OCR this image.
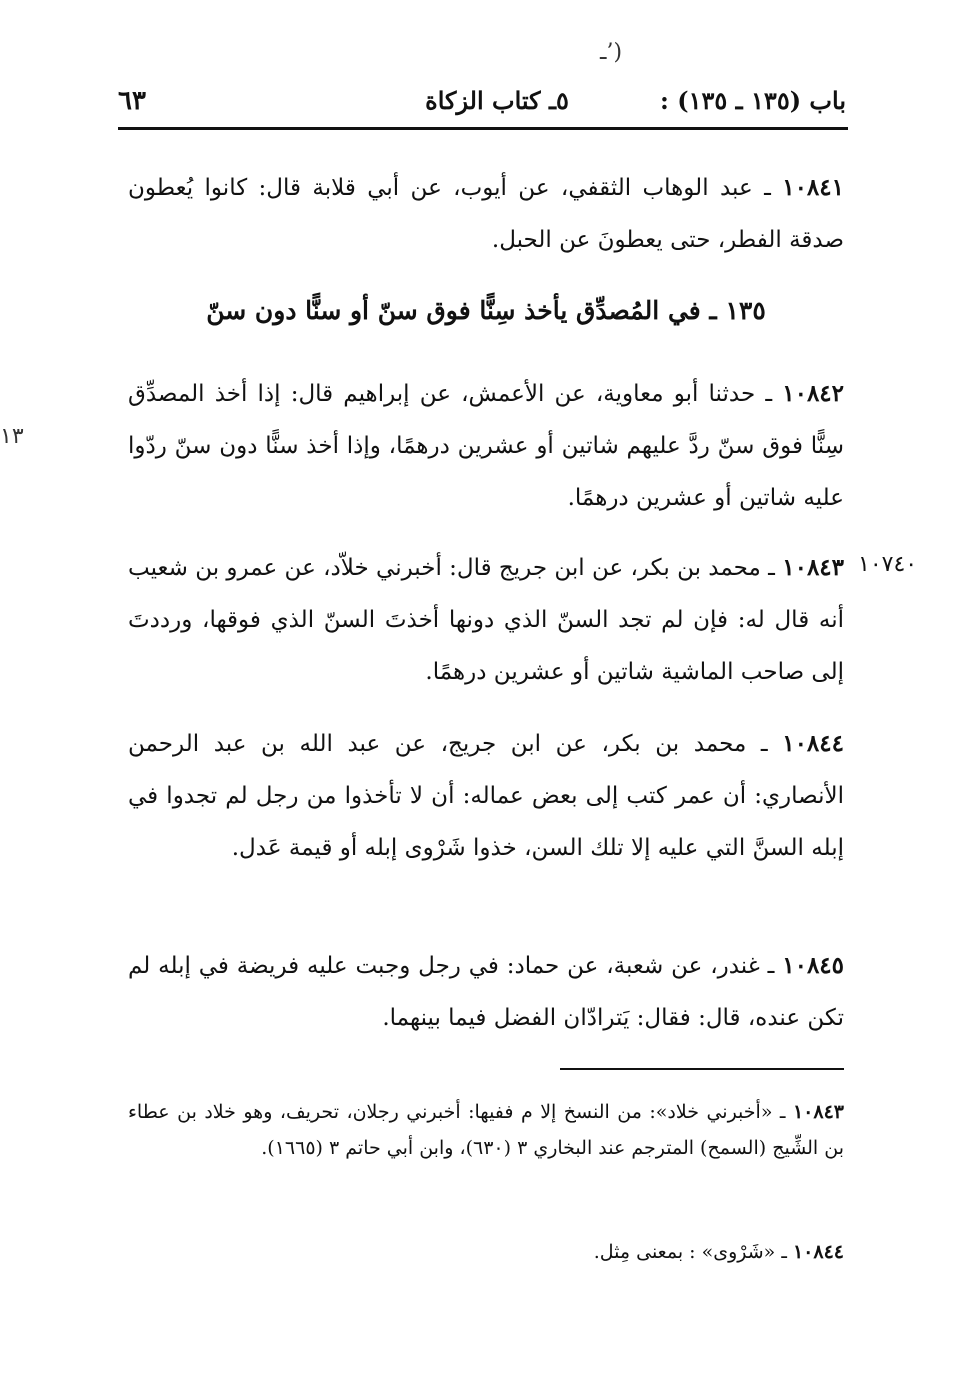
ـ’)
١٣
٦٣	٥ـ كتاب الزكاة	باب (١٣٥ ـ ١٣٥) :
١٠٨٤١ ـ عبد الوهاب الثقفي، عن أيوب، عن أبي قلابة قال: كانوا يُعطون صدقة الفطر، حتى يعطونَ عن الحبل.
١٣٥ ـ في المُصدِّق يأخذ سِنًّا فوق سنّ أو سنًّا دون سنّ
١٠٨٤٢ ـ حدثنا أبو معاوية، عن الأعمش، عن إبراهيم قال: إذا أخذ المصدِّق سِنًّا فوق سنّ ردَّ عليهم شاتين أو عشرين درهمًا، وإذا أخذ سنًّا دون سنّ ردّوا عليه شاتين أو عشرين درهمًا.
١٠٧٤٠
١٠٨٤٣ ـ محمد بن بكر، عن ابن جريج قال: أخبرني خلاّد، عن عمرو بن شعيب أنه قال له: فإن لم تجد السنّ الذي دونها أخذتَ السنّ الذي فوقها، ورددتَ إلى صاحب الماشية شاتين أو عشرين درهمًا.
١٠٨٤٤ ـ محمد بن بكر، عن ابن جريج، عن عبد الله بن عبد الرحمن الأنصاري: أن عمر كتب إلى بعض عماله: أن لا تأخذوا من رجل لم تجدوا في إبله السنَّ التي عليه إلا تلك السن، خذوا شَرْوى إبله أو قيمة عَدل.
١٠٨٤٥ ـ غندر، عن شعبة، عن حماد: في رجل وجبت عليه فريضة في إبله لم تكن عنده، قال: فقال: يَترادّان الفضل فيما بينهما.
١٠٨٤٣ ـ «أخبرني خلاد»: من النسخ إلا م ففيها: أخبرني رجلان، تحريف، وهو خلاد بن عطاء بن الشِّيج (السمح) المترجم عند البخاري ٣ (٦٣٠)، وابن أبي حاتم ٣ (١٦٦٥).
١٠٨٤٤ ـ «شَرْوى» : بمعنى مِثل.
